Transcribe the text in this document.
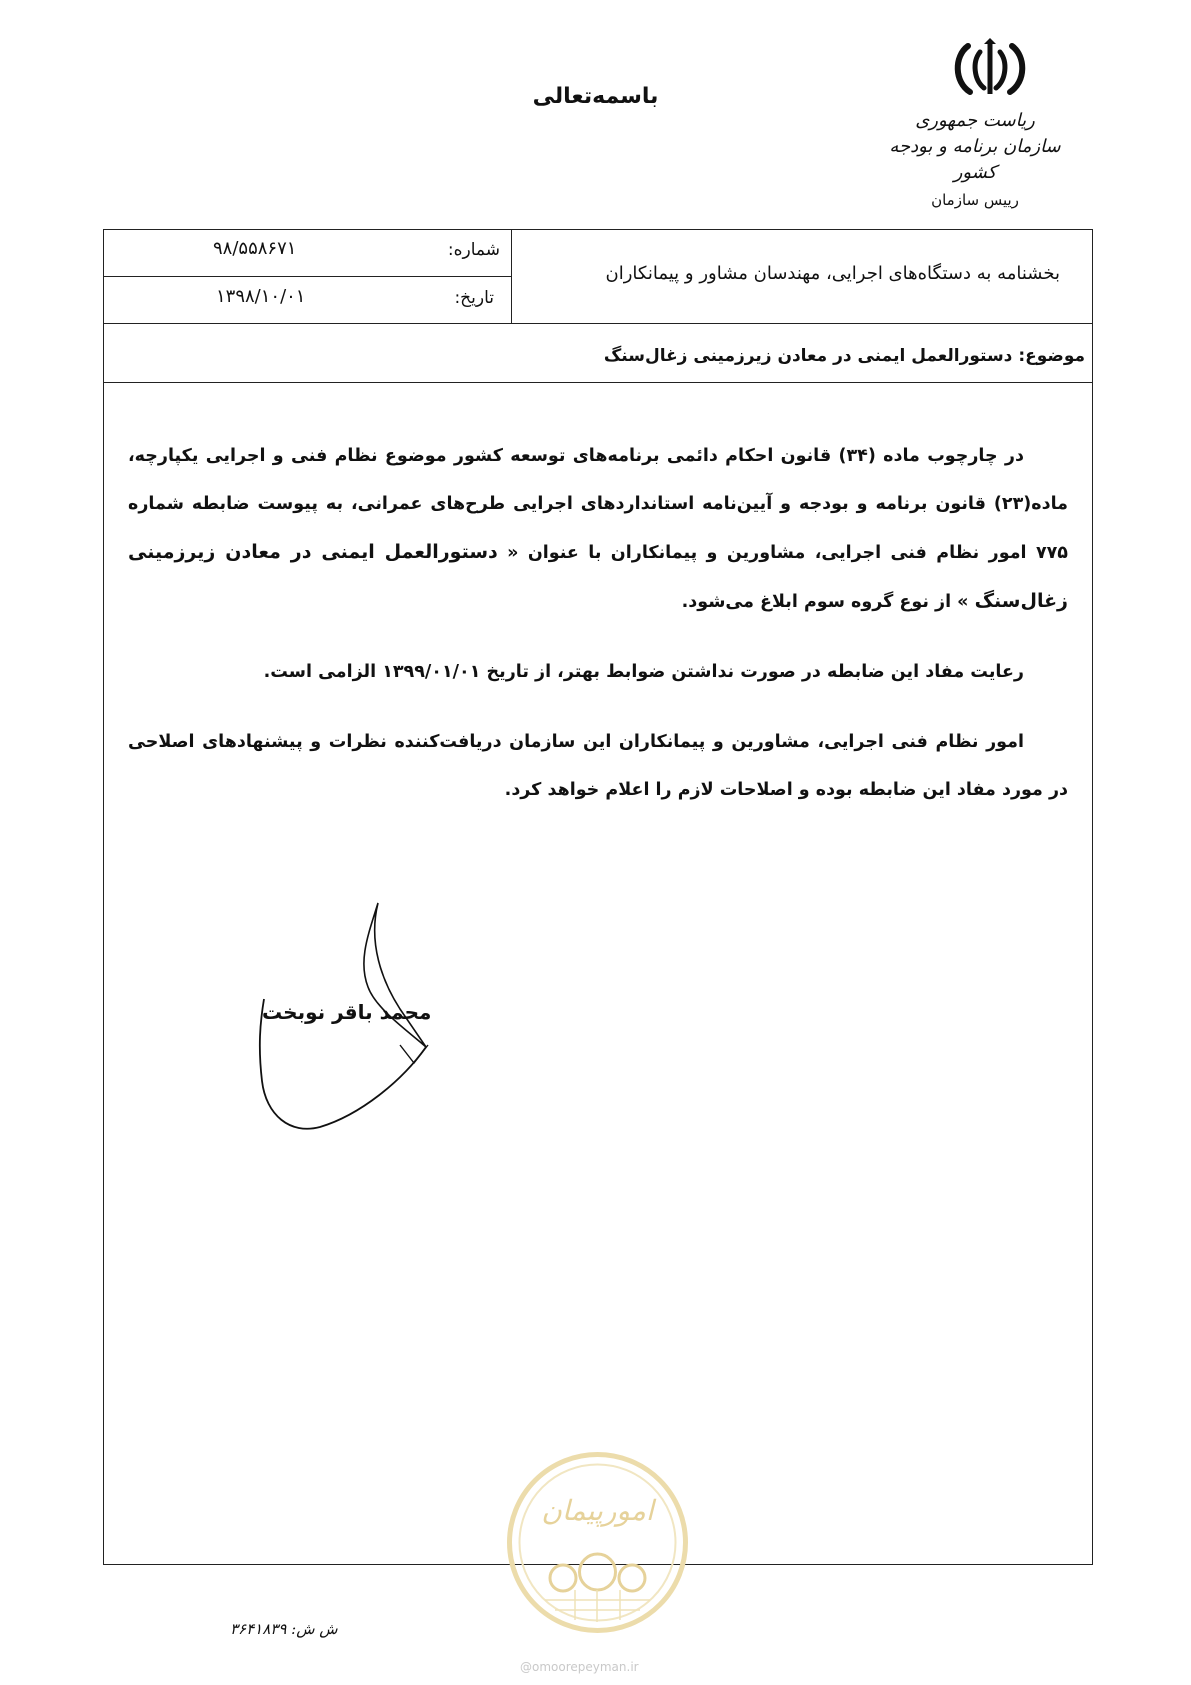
باسمه‌تعالی
ریاست جمهوری
سازمان برنامه و بودجه کشور
رییس سازمان
بخشنامه به دستگاه‌های اجرایی، مهندسان مشاور و پیمانکاران
شماره:
۹۸/۵۵۸۶۷۱
تاریخ:
۱۳۹۸/۱۰/۰۱
موضوع: دستورالعمل ایمنی در معادن زیرزمینی زغال‌سنگ

در چارچوب ماده (۳۴) قانون احکام دائمی برنامه‌های توسعه کشور موضوع نظام فنی و اجرایی یکپارچه، ماده(۲۳) قانون برنامه و بودجه و آیین‌نامه استانداردهای اجرایی طرح‌های عمرانی، به پیوست ضابطه شماره ۷۷۵ امور نظام فنی اجرایی، مشاورین و پیمانکاران با عنوان « دستورالعمل ایمنی در معادن زیرزمینی زغال‌سنگ » از نوع گروه سوم ابلاغ می‌شود.

رعایت مفاد این ضابطه در صورت نداشتن ضوابط بهتر، از تاریخ ۱۳۹۹/۰۱/۰۱ الزامی است.

امور نظام فنی اجرایی، مشاورین و پیمانکاران این سازمان دریافت‌کننده نظرات و پیشنهادهای اصلاحی در مورد مفاد این ضابطه بوده و اصلاحات لازم را اعلام خواهد کرد.

محمد باقر نوبخت
امورپیمان
@omoorepeyman.ir
ش ش: ۳۶۴۱۸۳۹
